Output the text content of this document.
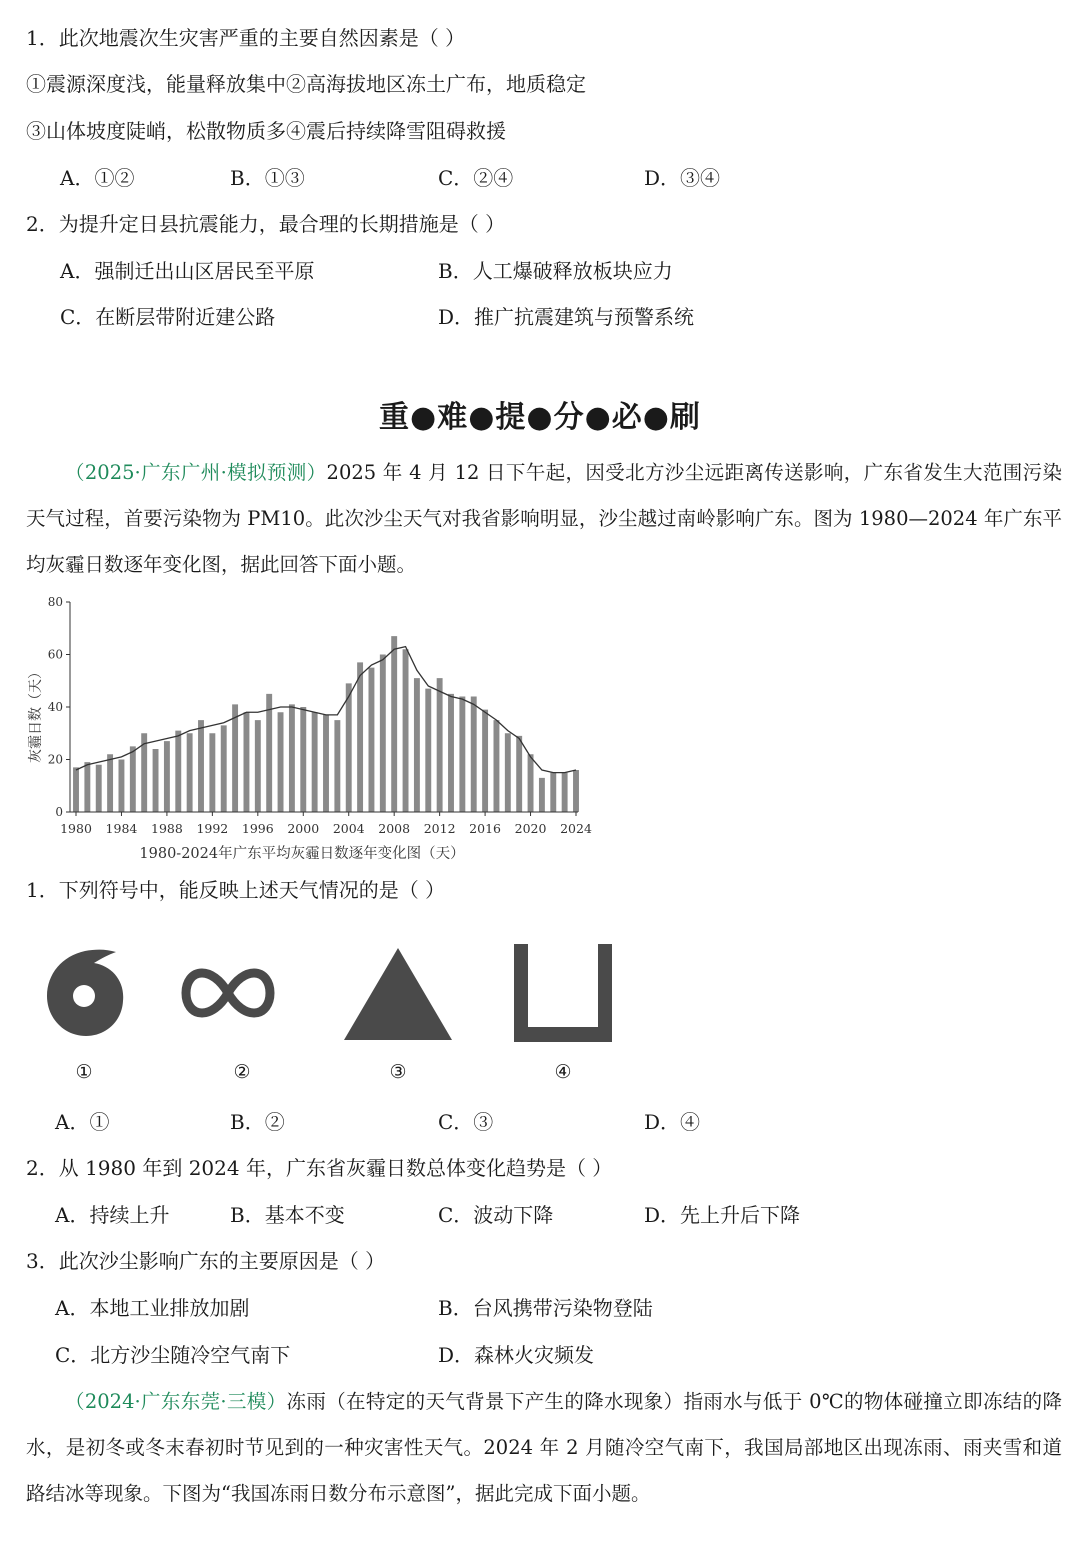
1．此次地震次生灾害严重的主要自然因素是（ ）
①震源深度浅，能量释放集中②高海拔地区冻土广布，地质稳定
③山体坡度陡峭，松散物质多④震后持续降雪阻碍救援
A．①②	B．①③	C．②④	D．③④
2．为提升定日县抗震能力，最合理的长期措施是（ ）
A．强制迁出山区居民至平原	B．人工爆破释放板块应力
C．在断层带附近建公路	D．推广抗震建筑与预警系统
重●难●提●分●必●刷
（2025·广东广州·模拟预测）2025 年 4 月 12 日下午起，因受北方沙尘远距离传送影响，广东省发生大范围污染天气过程，首要污染物为 PM10。此次沙尘天气对我省影响明显，沙尘越过南岭影响广东。图为 1980—2024 年广东平均灰霾日数逐年变化图，据此回答下面小题。
0
20
40
60
80
1980 1984 1988 1992 1996 2000 2004 2008 2012 2016 2020 2024
灰霾日数（天）
1980-2024年广东平均灰霾日数逐年变化图（天）
1．下列符号中，能反映上述天气情况的是（ ）
①	②	③	④
A．①	B．②	C．③	D．④
2．从 1980 年到 2024 年，广东省灰霾日数总体变化趋势是（ ）
A．持续上升	B．基本不变	C．波动下降	D．先上升后下降
3．此次沙尘影响广东的主要原因是（ ）
A．本地工业排放加剧	B．台风携带污染物登陆
C．北方沙尘随冷空气南下	D．森林火灾频发
（2024·广东东莞·三模）冻雨（在特定的天气背景下产生的降水现象）指雨水与低于 0℃的物体碰撞立即冻结的降水，是初冬或冬末春初时节见到的一种灾害性天气。2024 年 2 月随冷空气南下，我国局部地区出现冻雨、雨夹雪和道路结冰等现象。下图为“我国冻雨日数分布示意图”，据此完成下面小题。
